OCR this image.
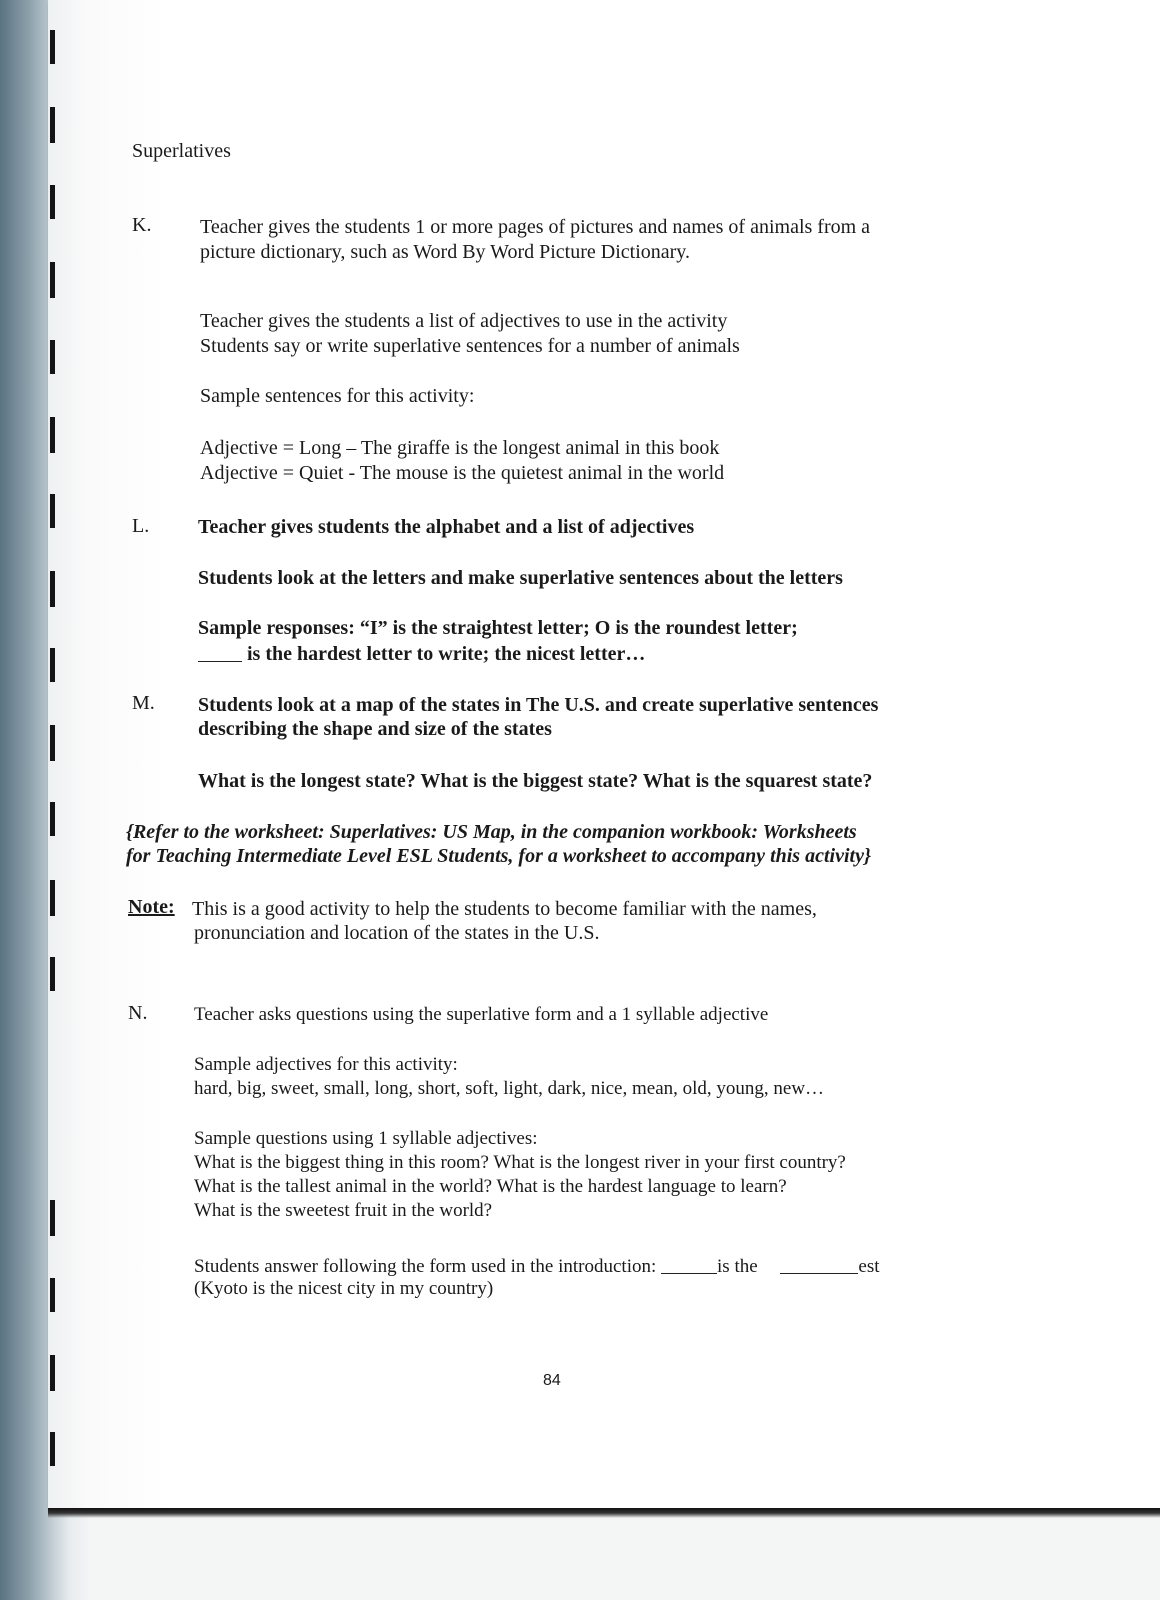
Superlatives

K. Teacher gives the students 1 or more pages of pictures and names of animals from a

picture dictionary, such as Word By Word Picture Dictionary.

Teacher gives the students a list of adjectives to use in the activity

Students say or write superlative sentences for a number of animals

Sample sentences for this activity:

Adjective = Long – The giraffe is the longest animal in this book

Adjective = Quiet - The mouse is the quietest animal in the world

L. Teacher gives students the alphabet and a list of adjectives

Students look at the letters and make superlative sentences about the letters

Sample responses: “I” is the straightest letter; O is the roundest letter;

is the hardest letter to write; the nicest letter…

M. Students look at a map of the states in The U.S. and create superlative sentences

describing the shape and size of the states

What is the longest state? What is the biggest state? What is the squarest state?

{Refer to the worksheet: Superlatives: US Map, in the companion workbook: Worksheets

for Teaching Intermediate Level ESL Students, for a worksheet to accompany this activity}

Note: This is a good activity to help the students to become familiar with the names,

pronunciation and location of the states in the U.S.

N. Teacher asks questions using the superlative form and a 1 syllable adjective

Sample adjectives for this activity:

hard, big, sweet, small, long, short, soft, light, dark, nice, mean, old, young, new…

Sample questions using 1 syllable adjectives:

What is the biggest thing in this room? What is the longest river in your first country?

What is the tallest animal in the world? What is the hardest language to learn?

What is the sweetest fruit in the world?

Students answer following the form used in the introduction:	is the	est

(Kyoto is the nicest city in my country)

84
